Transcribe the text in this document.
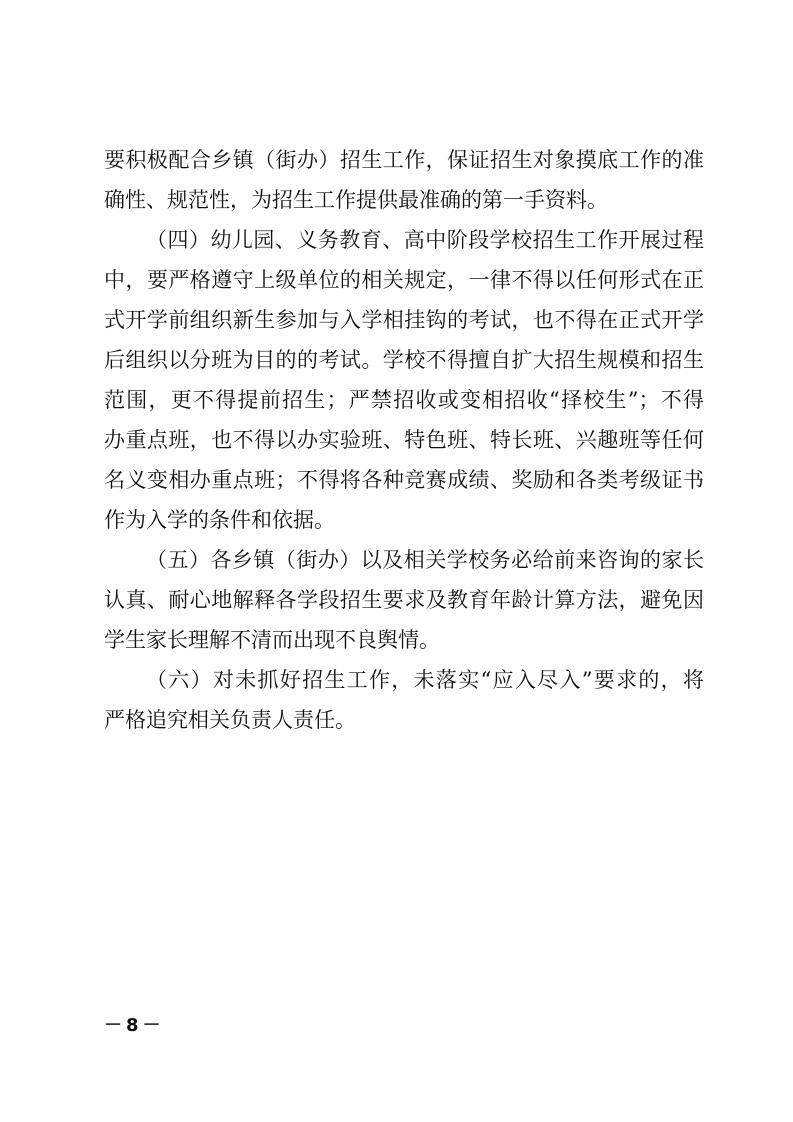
要积极配合乡镇（街办）招生工作，保证招生对象摸底工作的准
确性、规范性，为招生工作提供最准确的第一手资料。
（四）幼儿园、义务教育、高中阶段学校招生工作开展过程
中，要严格遵守上级单位的相关规定，一律不得以任何形式在正
式开学前组织新生参加与入学相挂钩的考试，也不得在正式开学
后组织以分班为目的的考试。学校不得擅自扩大招生规模和招生
范围，更不得提前招生；严禁招收或变相招收“择校生”；不得
办重点班，也不得以办实验班、特色班、特长班、兴趣班等任何
名义变相办重点班；不得将各种竞赛成绩、奖励和各类考级证书
作为入学的条件和依据。
（五）各乡镇（街办）以及相关学校务必给前来咨询的家长
认真、耐心地解释各学段招生要求及教育年龄计算方法，避免因
学生家长理解不清而出现不良舆情。
（六）对未抓好招生工作，未落实“应入尽入”要求的，将
严格追究相关负责人责任。
－8－
